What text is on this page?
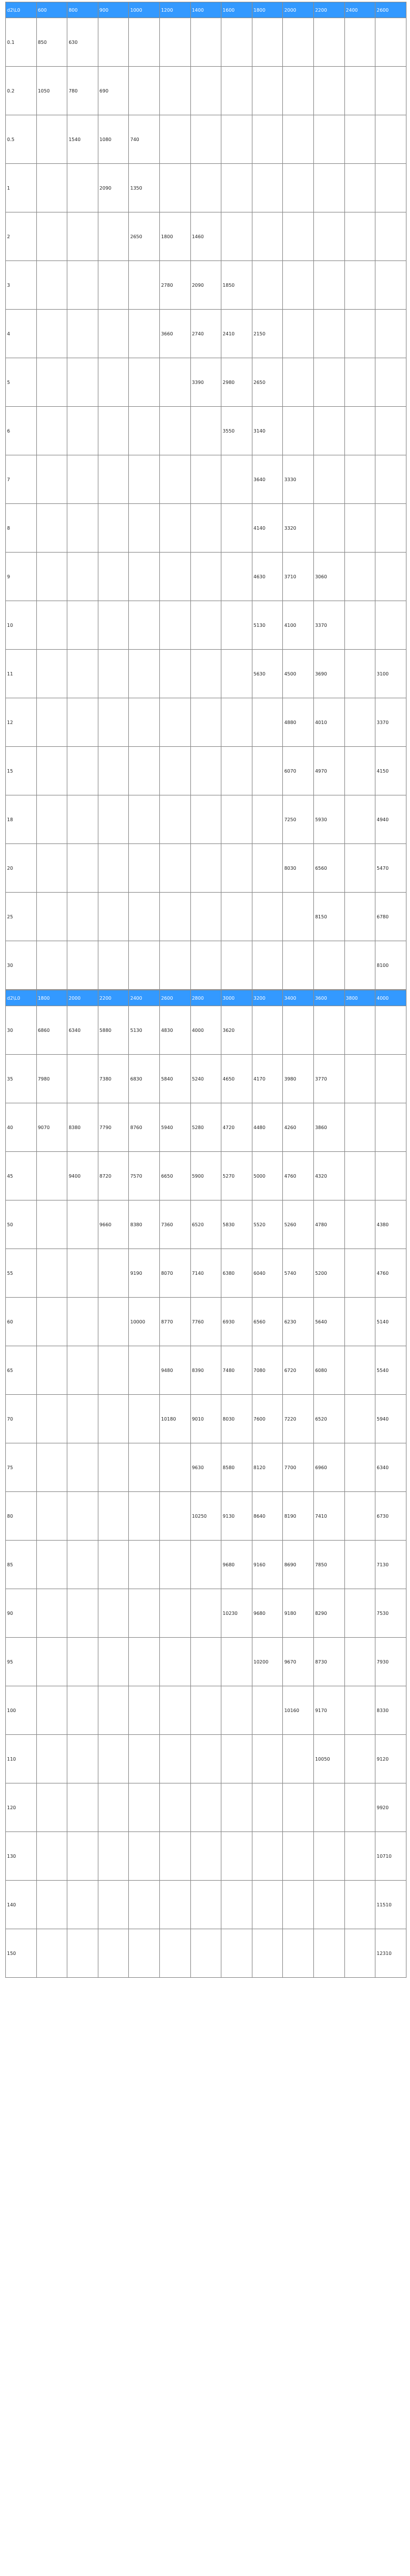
d2\L0	600	800	900	1000	1200	1400	1600	1800	2000	2200	2400	2600
0.1	850	630										
0.2	1050	780	690									
0.5		1540	1080	740								
1			2090	1350								
2				2650	1800	1460						
3					2780	2090	1850					
4					3660	2740	2410	2150				
5						3390	2980	2650				
6							3550	3140				
7								3640	3330			
8								4140	3320			
9								4630	3710	3060		
10								5130	4100	3370		
11								5630	4500	3690		3100
12									4880	4010		3370
15									6070	4970		4150
18									7250	5930		4940
20									8030	6560		5470
25										8150		6780
30												8100
d2\L0	1800	2000	2200	2400	2600	2800	3000	3200	3400	3600	3800	4000
30	6860	6340	5880	5130	4830	4000	3620					
35	7980		7380	6830	5840	5240	4650	4170	3980	3770		
40	9070	8380	7790	8760	5940	5280	4720	4480	4260	3860		
45		9400	8720	7570	6650	5900	5270	5000	4760	4320		
50			9660	8380	7360	6520	5830	5520	5260	4780		4380
55				9190	8070	7140	6380	6040	5740	5200		4760
60				10000	8770	7760	6930	6560	6230	5640		5140
65					9480	8390	7480	7080	6720	6080		5540
70					10180	9010	8030	7600	7220	6520		5940
75						9630	8580	8120	7700	6960		6340
80						10250	9130	8640	8190	7410		6730
85							9680	9160	8690	7850		7130
90							10230	9680	9180	8290		7530
95								10200	9670	8730		7930
100									10160	9170		8330
110										10050		9120
120												9920
130												10710
140												11510
150												12310
